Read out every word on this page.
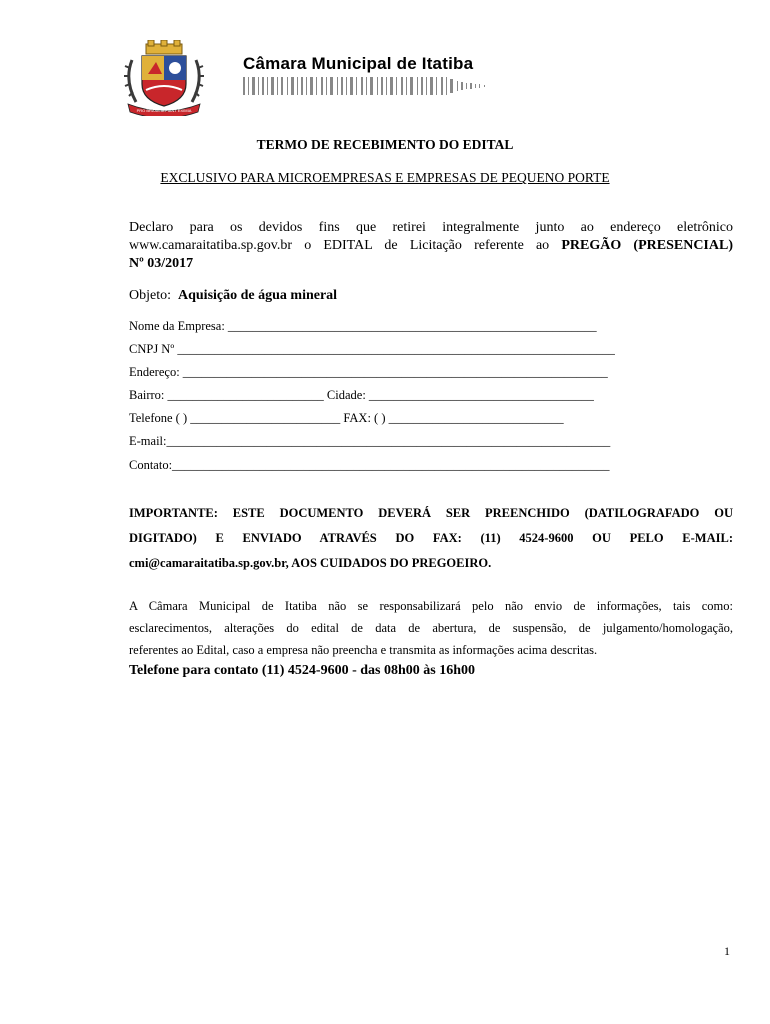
PRO BRASILIA FIANT EXIMIA
Câmara Municipal de Itatiba
TERMO DE RECEBIMENTO DO EDITAL
EXCLUSIVO PARA MICROEMPRESAS E EMPRESAS DE PEQUENO PORTE
Declaro para os devidos fins que retirei integralmente junto ao endereço eletrônico
www.camaraitatiba.sp.gov.br o EDITAL de Licitação referente ao PREGÃO (PRESENCIAL)
Nº 03/2017
Objeto: Aquisição de água mineral
Nome da Empresa: ___________________________________________________________
CNPJ Nº ______________________________________________________________________
Endereço: ____________________________________________________________________
Bairro: _________________________ Cidade: ____________________________________
Telefone ( ) ________________________ FAX: ( ) ____________________________
E-mail:_______________________________________________________________________
Contato:______________________________________________________________________
IMPORTANTE: ESTE DOCUMENTO DEVERÁ SER PREENCHIDO (DATILOGRAFADO OU
DIGITADO) E ENVIADO ATRAVÉS DO FAX: (11) 4524-9600 OU PELO E-MAIL:
cmi@camaraitatiba.sp.gov.br, AOS CUIDADOS DO PREGOEIRO.
A Câmara Municipal de Itatiba não se responsabilizará pelo não envio de informações, tais como:
esclarecimentos, alterações do edital de data de abertura, de suspensão, de julgamento/homologação,
referentes ao Edital, caso a empresa não preencha e transmita as informações acima descritas.
Telefone para contato (11) 4524-9600 - das 08h00 às 16h00
1
